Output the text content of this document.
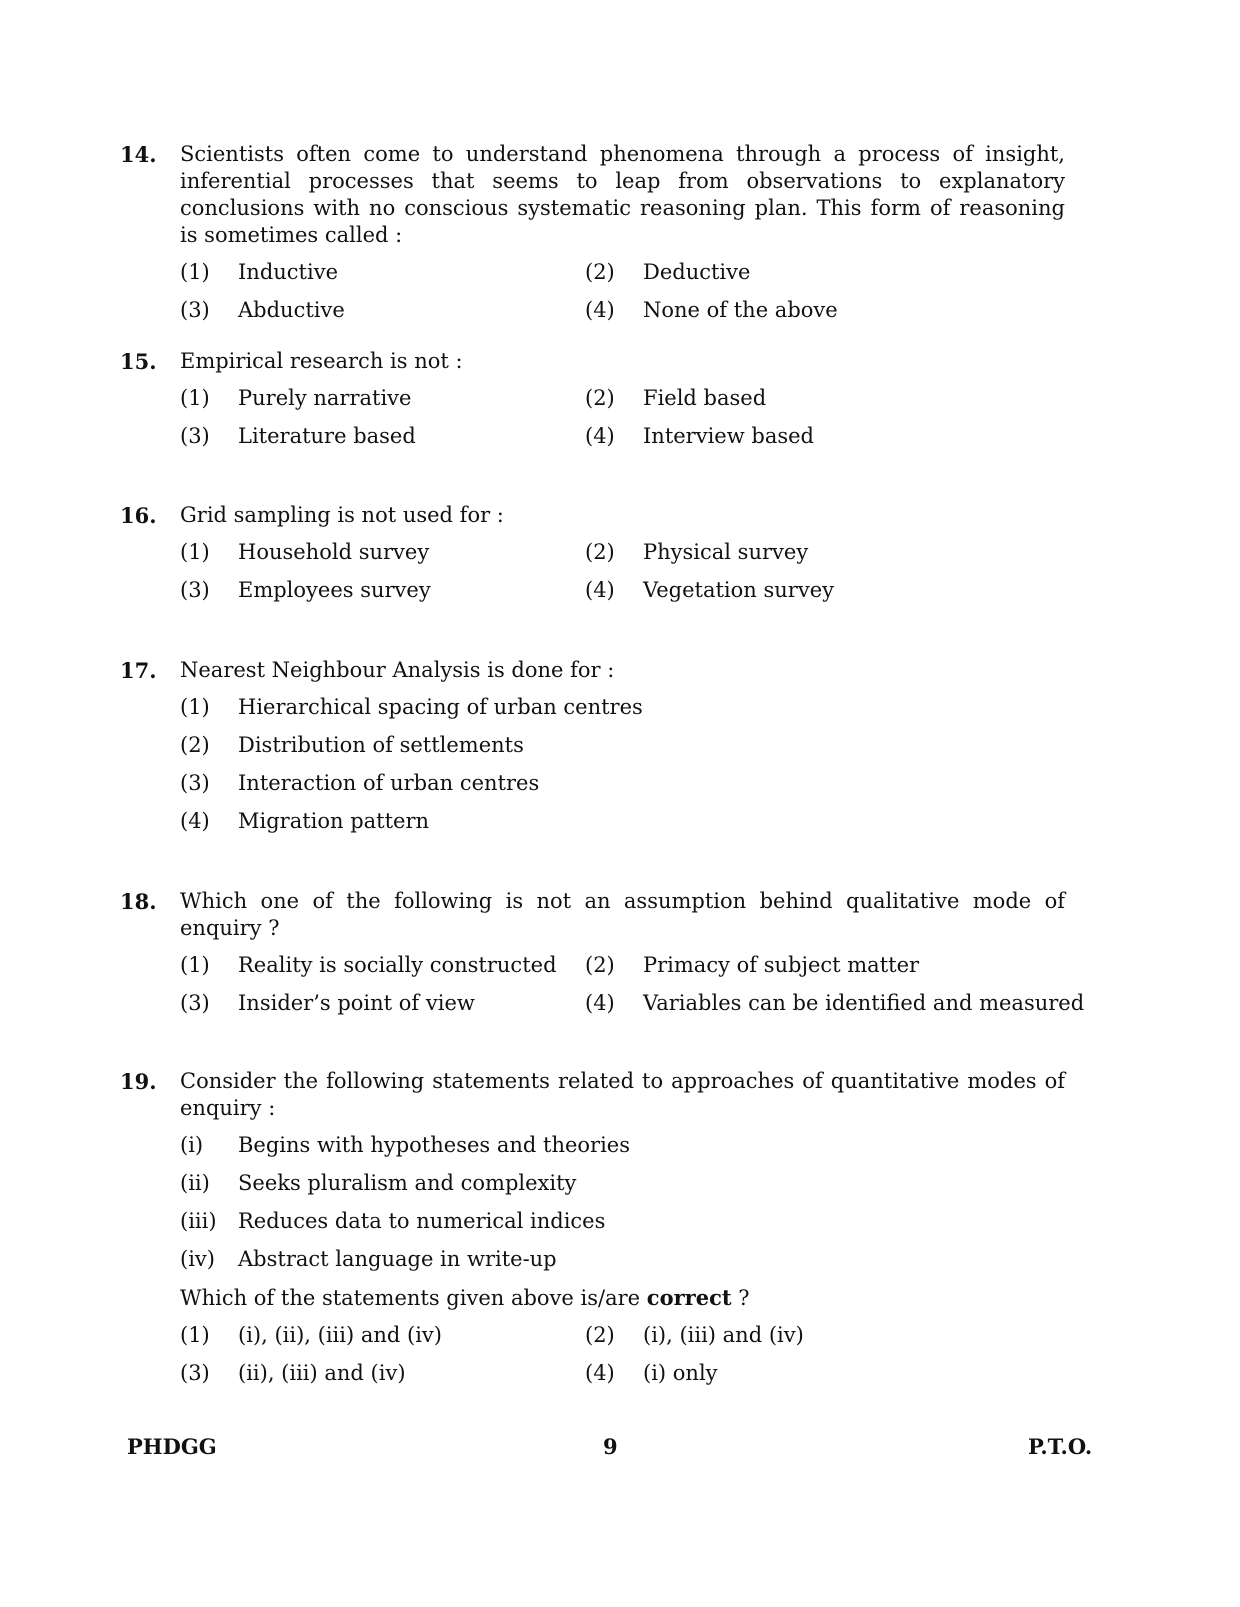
14.	Scientists often come to understand phenomena through a process of insight, inferential processes that seems to leap from observations to explanatory conclusions with no conscious systematic reasoning plan. This form of reasoning is sometimes called :
(1)	Inductive	(2)	Deductive
(3)	Abductive	(4)	None of the above
15.	Empirical research is not :
(1)	Purely narrative	(2)	Field based
(3)	Literature based	(4)	Interview based
16.	Grid sampling is not used for :
(1)	Household survey	(2)	Physical survey
(3)	Employees survey	(4)	Vegetation survey
17.	Nearest Neighbour Analysis is done for :
(1)	Hierarchical spacing of urban centres
(2)	Distribution of settlements
(3)	Interaction of urban centres
(4)	Migration pattern
18.	Which one of the following is not an assumption behind qualitative mode of enquiry ?
(1)	Reality is socially constructed	(2)	Primacy of subject matter
(3)	Insider’s point of view	(4)	Variables can be identified and measured
19.	Consider the following statements related to approaches of quantitative modes of enquiry :
(i)	Begins with hypotheses and theories
(ii)	Seeks pluralism and complexity
(iii)	Reduces data to numerical indices
(iv)	Abstract language in write-up
Which of the statements given above is/are correct ?
(1)	(i), (ii), (iii) and (iv)	(2)	(i), (iii) and (iv)
(3)	(ii), (iii) and (iv)	(4)	(i) only
PHDGG	9	P.T.O.
